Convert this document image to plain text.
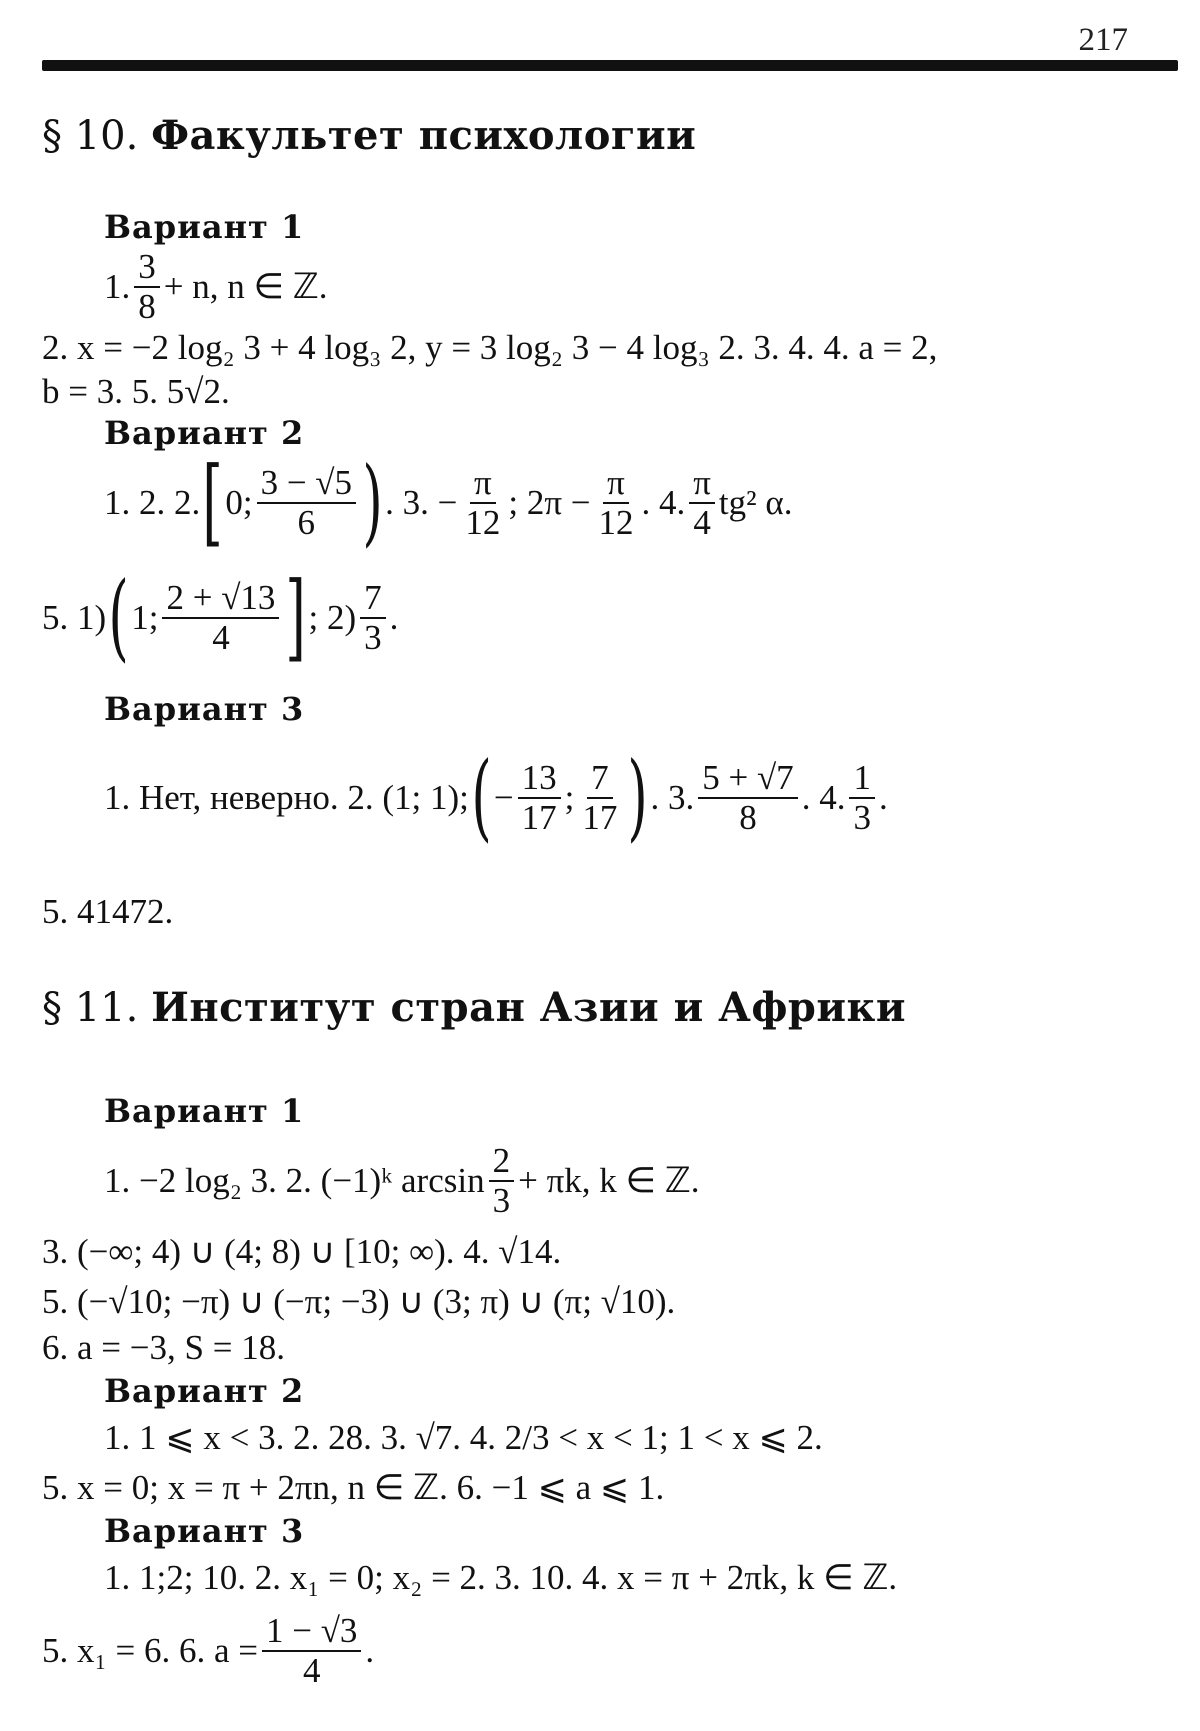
217
§ 10. Факультет психологии
Вариант 1
1. $\frac{3}{8} + n$, n ∈ ℤ.
2. x = −2 log₂ 3 + 4 log₃ 2, y = 3 log₂ 3 − 4 log₃ 2. 3. 4. 4. a = 2,
b = 3. 5. 5√2.
Вариант 2
1. 2. 2. [ 0; $\frac{3 - √5}{6}$ ) . 3. − $\frac{\pi}{12}$ ; $2\pi - \frac{\pi}{12}$ . 4. $\frac{\pi}{4} tg^2$ α.
5. 1) ( 1; $\frac{2 + √13}{4}$ ] ; $2) \frac{7}{3}$ .
Вариант 3
1. Нет, неверно. 2. (1; 1); ( − $\frac{13}{17}$ ; $\frac{7}{17}$ ) . 3. $\frac{5 + √7}{8}$ . 4. $\frac{1}{3}$ .
5. 41472.
§ 11. Институт стран Азии и Африки
Вариант 1
1. −2 log₂ 3. 2. (−1)ᵏ $\arcsin \frac{2}{3} + \pi k$, k ∈ ℤ.
3. (−∞; 4) ∪ (4; 8) ∪ [10; ∞). 4. √14.
5. (−√10; −π) ∪ (−π; −3) ∪ (3; π) ∪ (π; √10).
6. a = −3, S = 18.
Вариант 2
1. 1 ⩽ x < 3. 2. 28. 3. √7. 4. 2/3 < x < 1; 1 < x ⩽ 2.
5. x = 0; x = π + 2πn, n ∈ ℤ. 6. −1 ⩽ a ⩽ 1.
Вариант 3
1. 1;2; 10. 2. x₁ = 0; x₂ = 2. 3. 10. 4. x = π + 2πk, k ∈ ℤ.
5. x₁ = 6. 6. $a = \frac{1 - √3}{4}$ .
